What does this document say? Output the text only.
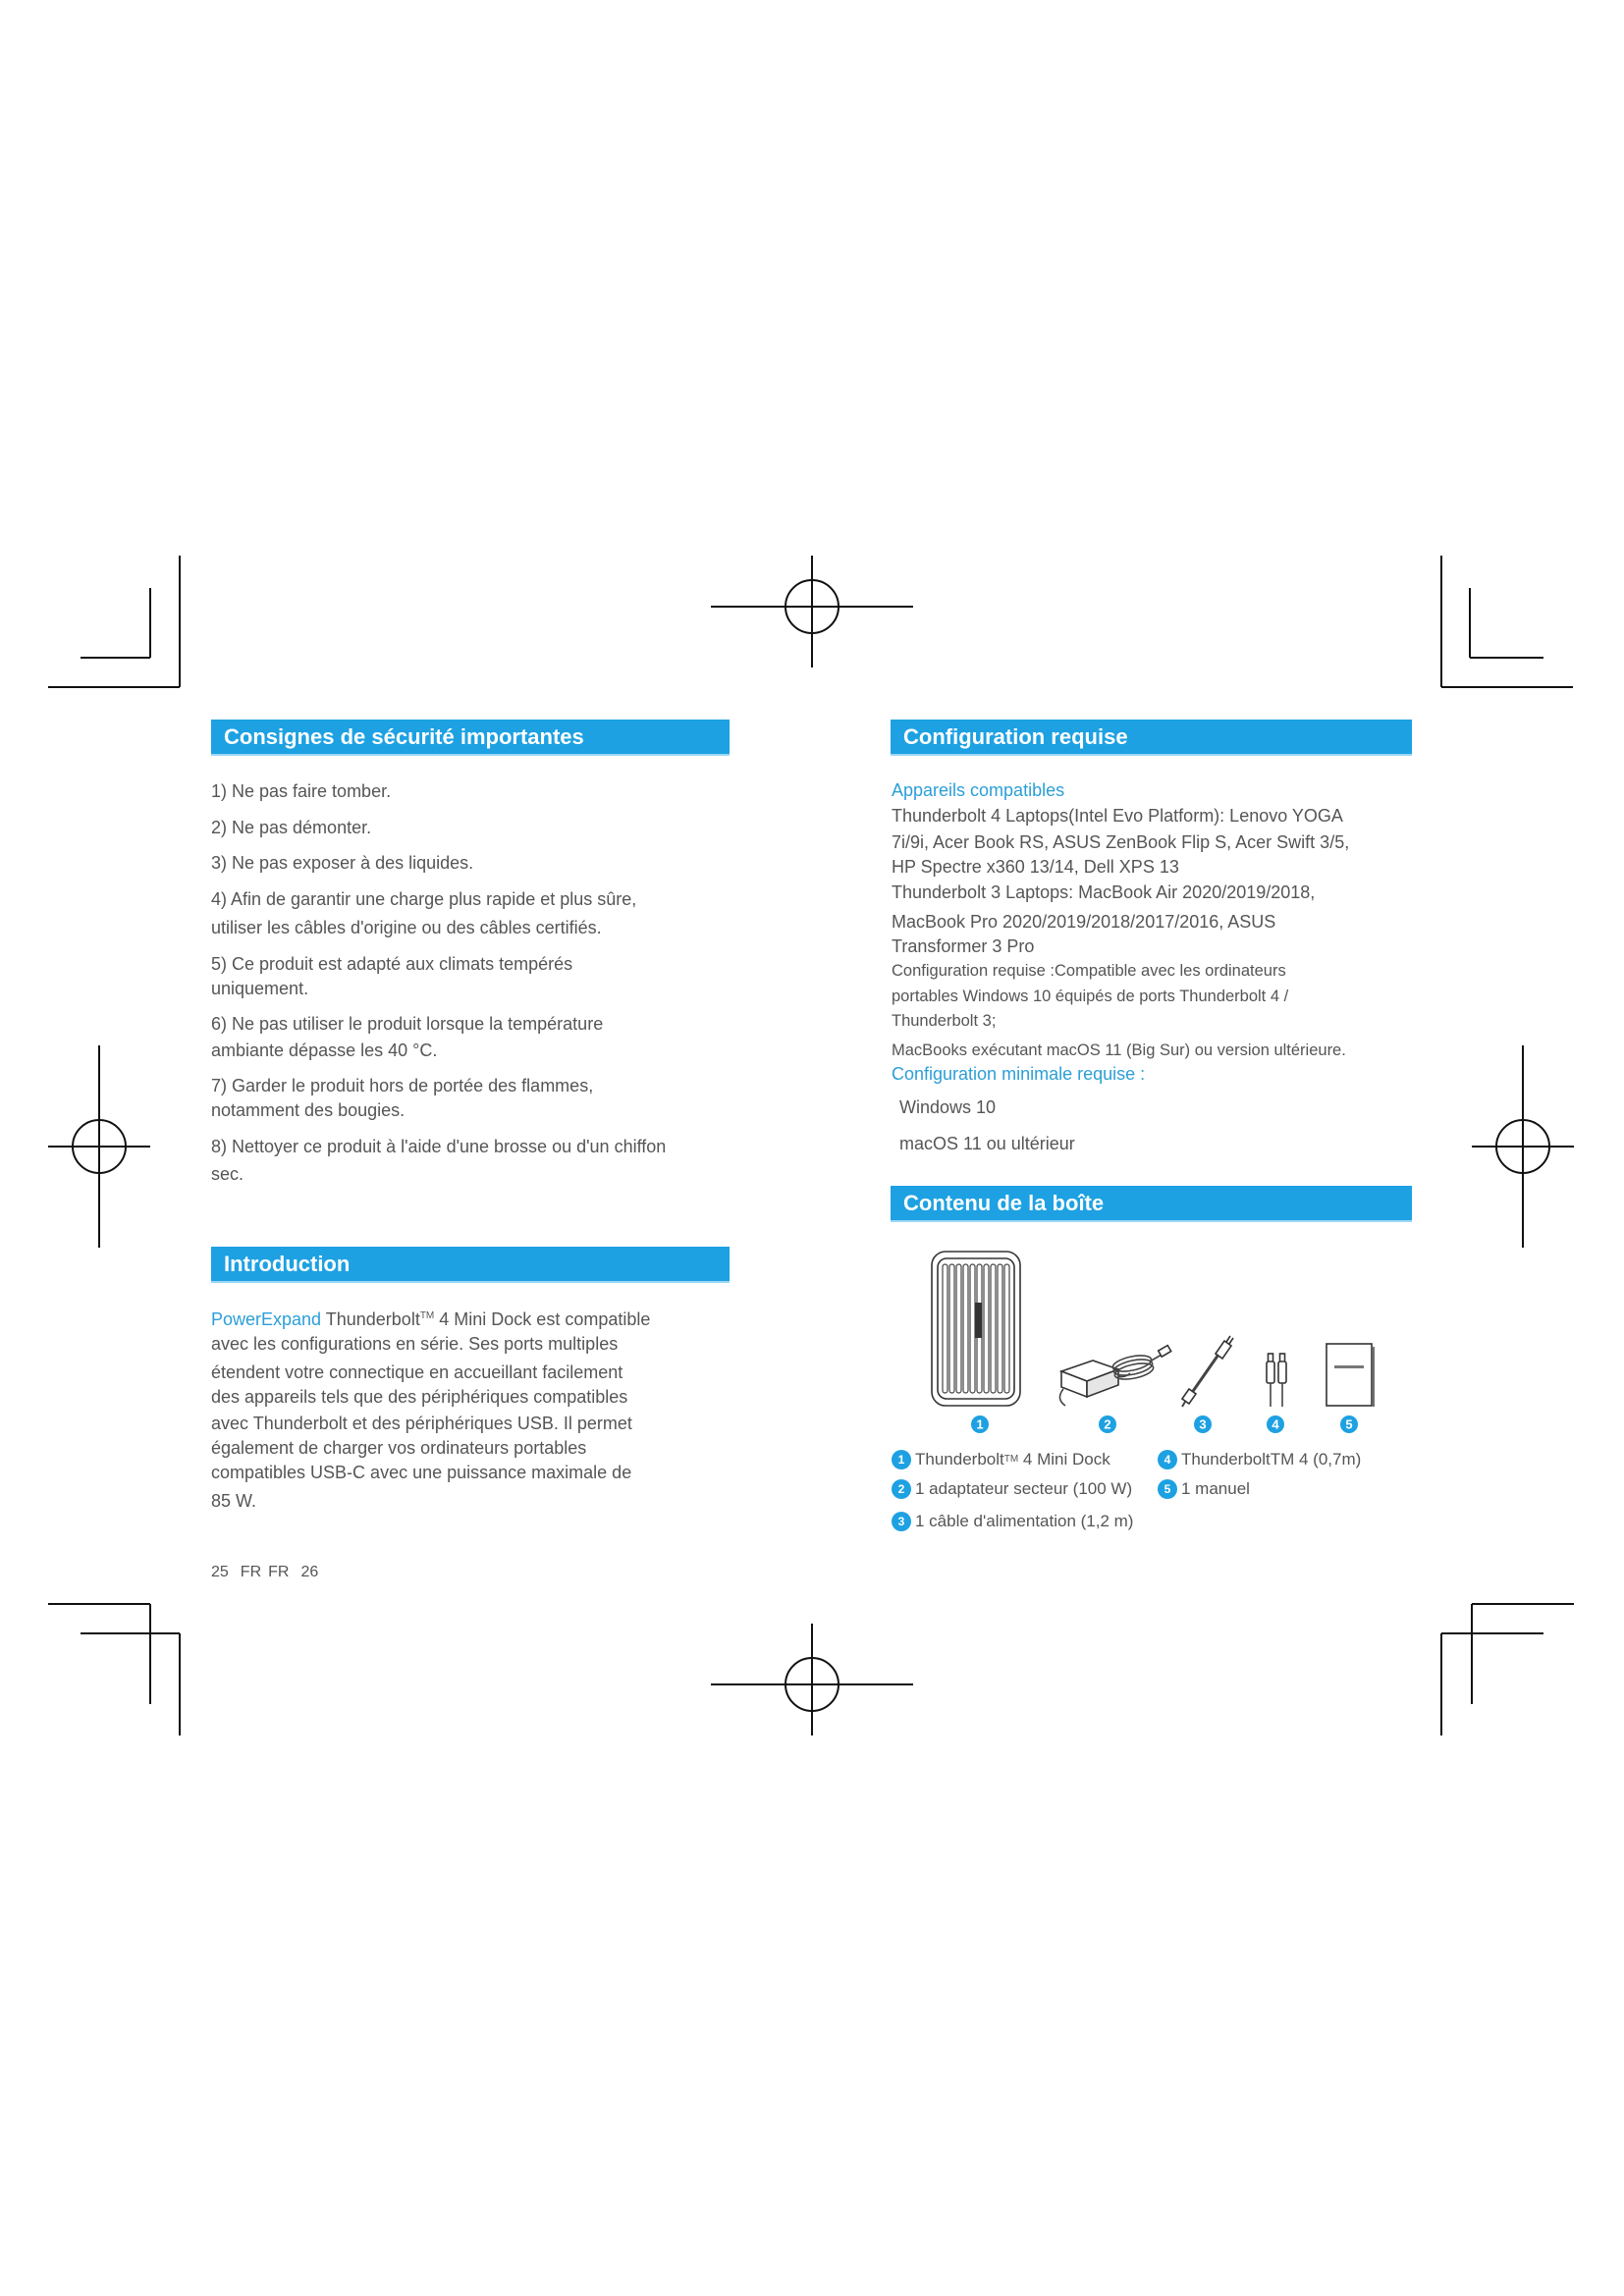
Consignes de sécurité importantes
1) Ne pas faire tomber.
2) Ne pas démonter.
3) Ne pas exposer à des liquides.
4) Afin de garantir une charge plus rapide et plus sûre,
utiliser les câbles d'origine ou des câbles certifiés.
5) Ce produit est adapté aux climats tempérés
uniquement.
6) Ne pas utiliser le produit lorsque la température
ambiante dépasse les 40 °C.
7) Garder le produit hors de portée des flammes,
notamment des bougies.
8) Nettoyer ce produit à l'aide d'une brosse ou d'un chiffon
sec.
Introduction
PowerExpand Thunderbolt™ 4 Mini Dock est compatible
avec les configurations en série. Ses ports multiples
étendent votre connectique en accueillant facilement
des appareils tels que des périphériques compatibles
avec Thunderbolt et des périphériques USB. Il permet
également de charger vos ordinateurs portables
compatibles USB-C avec une puissance maximale de
85 W.
25 FR FR 26
Configuration requise
Appareils compatibles
Thunderbolt 4 Laptops(Intel Evo Platform): Lenovo YOGA
7i/9i, Acer Book RS, ASUS ZenBook Flip S, Acer Swift 3/5,
HP Spectre x360 13/14, Dell XPS 13
Thunderbolt 3 Laptops: MacBook Air 2020/2019/2018,
MacBook Pro 2020/2019/2018/2017/2016, ASUS
Transformer 3 Pro
Configuration requise :Compatible avec les ordinateurs
portables Windows 10 équipés de ports Thunderbolt 4 /
Thunderbolt 3;
MacBooks exécutant macOS 11 (Big Sur) ou version ultérieure.
Configuration minimale requise :
Windows 10
macOS 11 ou ultérieur
Contenu de la boîte
1	2	3	4	5
1 Thunderbolt TM 4 Mini Dock	4 ThunderboltTM 4 (0,7m)
2 1 adaptateur secteur (100 W)	5 1 manuel
3 1 câble d'alimentation (1,2 m)
